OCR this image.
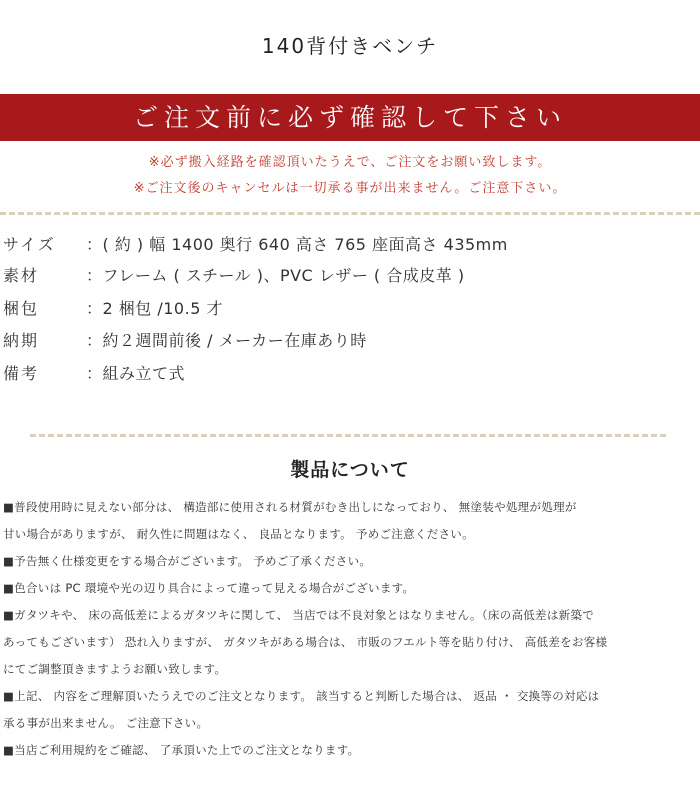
140背付きベンチ
ご注文前に必ず確認して下さい
※必ず搬入経路を確認頂いたうえで、ご注文をお願い致します。
※ご注文後のキャンセルは一切承る事が出来ません。ご注意下さい。
サイズ ：( 約 ) 幅 1400 奥行 640 高さ 765 座面高さ 435mm
素材	：フレーム ( スチール )、PVC レザー ( 合成皮革 )
梱包	：2 梱包 /10.5 才
納期	：約２週間前後 / メーカー在庫あり時
備考	：組み立て式
製品について
■普段使用時に見えない部分は、 構造部に使用される材質がむき出しになっており、 無塗装や処理が処理が
甘い場合がありますが、 耐久性に問題はなく、 良品となります。 予めご注意ください。
■予告無く仕様変更をする場合がございます。 予めご了承ください。
■色合いは PC 環境や光の辺り具合によって違って見える場合がございます。
■ガタツキや、 床の高低差によるガタツキに関して、 当店では不良対象とはなりません。（床の高低差は新築で
あってもございます） 恐れ入りますが、 ガタツキがある場合は、 市販のフエルト等を貼り付け、 高低差をお客様
にてご調整頂きますようお願い致します。
■上記、 内容をご理解頂いたうえでのご注文となります。 該当すると判断した場合は、 返品 ・ 交換等の対応は
承る事が出来ません。 ご注意下さい。
■当店ご利用規約をご確認、 了承頂いた上でのご注文となります。
